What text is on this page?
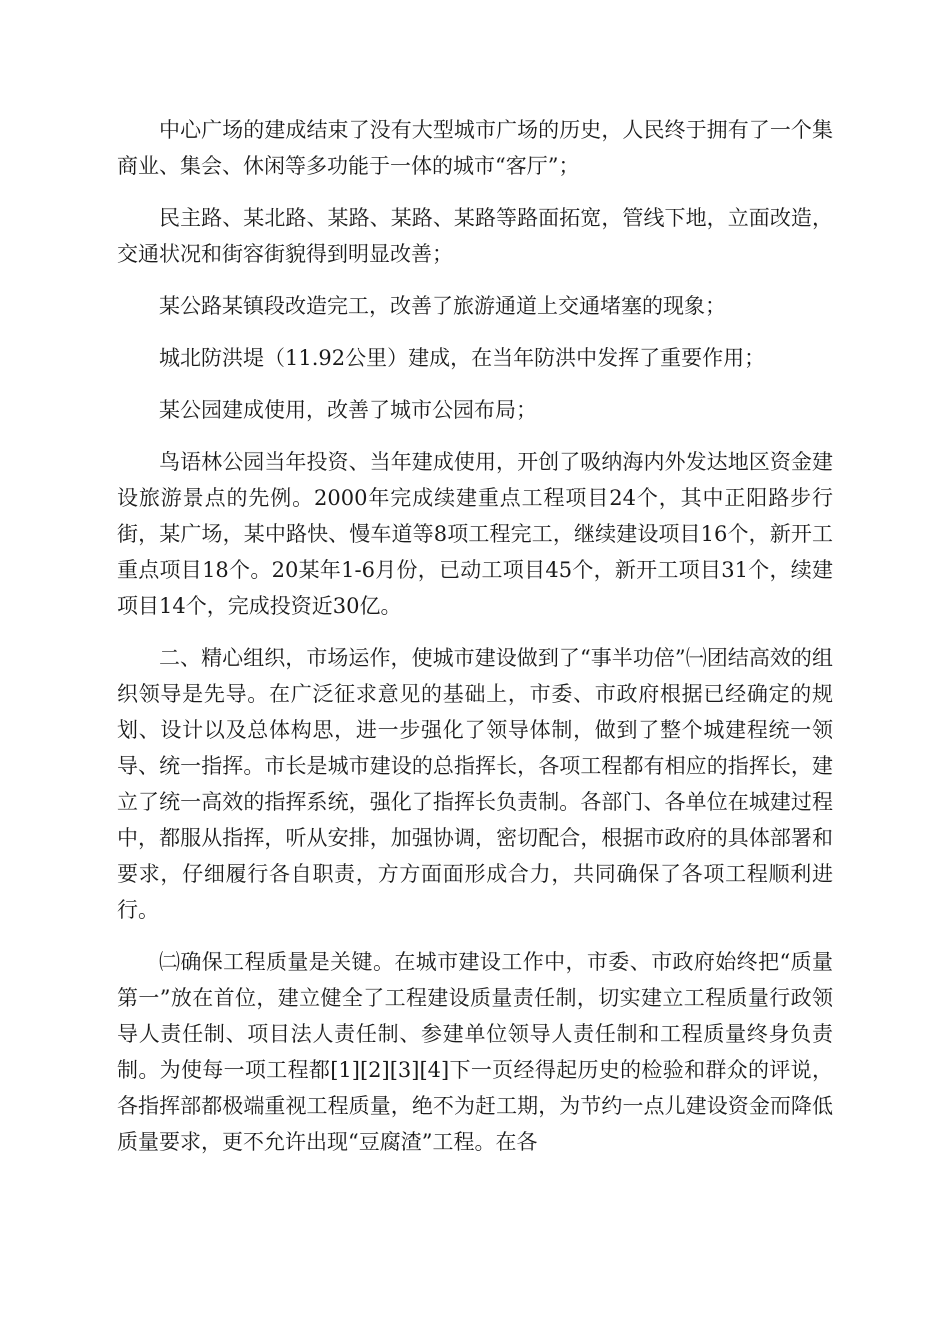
中心广场的建成结束了没有大型城市广场的历史，人民终于拥有了一个集商业、集会、休闲等多功能于一体的城市“客厅”；

民主路、某北路、某路、某路、某路等路面拓宽，管线下地，立面改造，交通状况和街容街貌得到明显改善；

某公路某镇段改造完工，改善了旅游通道上交通堵塞的现象；

城北防洪堤（11.92公里）建成，在当年防洪中发挥了重要作用；

某公园建成使用，改善了城市公园布局；

鸟语林公园当年投资、当年建成使用，开创了吸纳海内外发达地区资金建设旅游景点的先例。2000年完成续建重点工程项目24个，其中正阳路步行街，某广场，某中路快、慢车道等8项工程完工，继续建设项目16个，新开工重点项目18个。20某年1-6月份，已动工项目45个，新开工项目31个，续建项目14个，完成投资近30亿。

二、精心组织，市场运作，使城市建设做到了“事半功倍”㈠团结高效的组织领导是先导。在广泛征求意见的基础上，市委、市政府根据已经确定的规划、设计以及总体构思，进一步强化了领导体制，做到了整个城建程统一领导、统一指挥。市长是城市建设的总指挥长，各项工程都有相应的指挥长，建立了统一高效的指挥系统，强化了指挥长负责制。各部门、各单位在城建过程中，都服从指挥，听从安排，加强协调，密切配合，根据市政府的具体部署和要求，仔细履行各自职责，方方面面形成合力，共同确保了各项工程顺利进行。

㈡确保工程质量是关键。在城市建设工作中，市委、市政府始终把“质量第一”放在首位，建立健全了工程建设质量责任制，切实建立工程质量行政领导人责任制、项目法人责任制、参建单位领导人责任制和工程质量终身负责制。为使每一项工程都[1][2][3][4]下一页经得起历史的检验和群众的评说，各指挥部都极端重视工程质量，绝不为赶工期，为节约一点儿建设资金而降低质量要求，更不允许出现“豆腐渣”工程。在各
